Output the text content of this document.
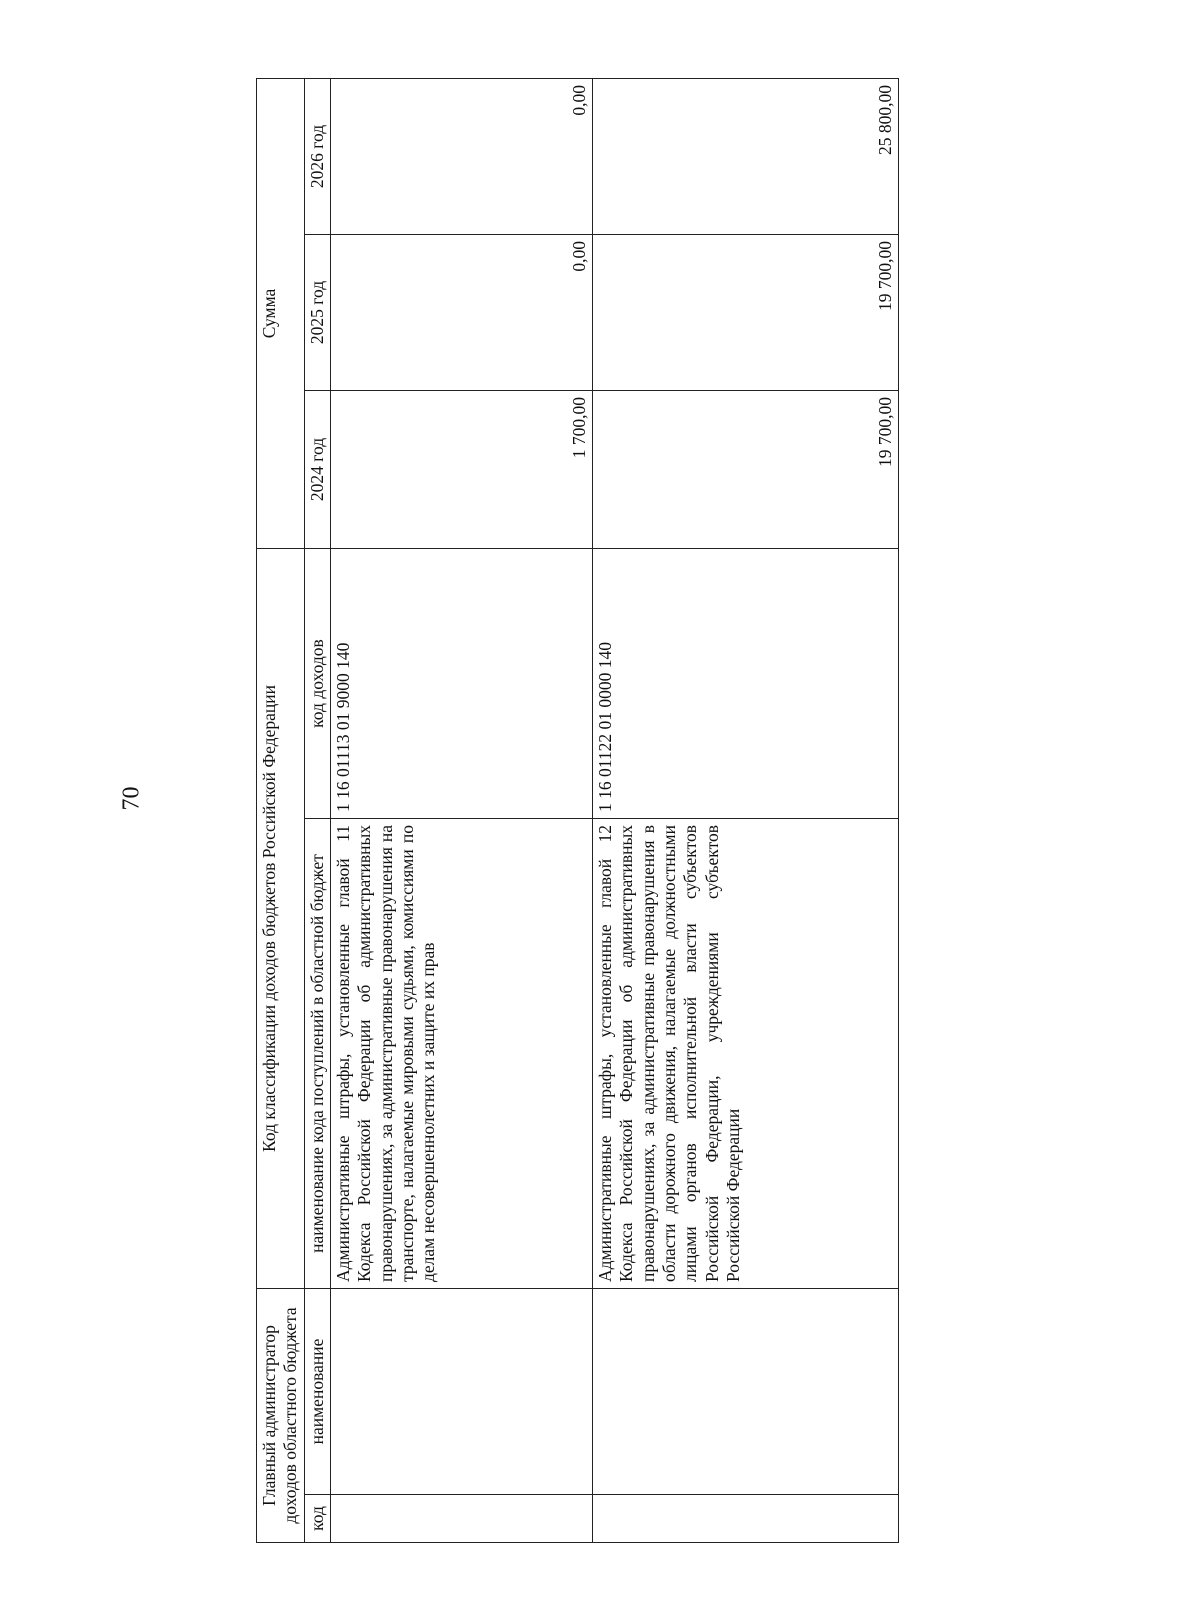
70
Главный администратор доходов областного бюджета		Код классификации доходов бюджетов Российской Федерации		Сумма		
код	наименование	наименование кода поступлений в областной бюджет	код доходов	2024 год	2025 год	2026 год
		Административные штрафы, установленные главой 11 Кодекса Российской Федерации об административных правонарушениях, за административные правонарушения на транспорте, налагаемые мировыми судьями, комиссиями по делам несовершеннолетних и защите их прав	1 16 01113 01 9000 140	1 700,00	0,00	0,00
		Административные штрафы, установленные главой 12 Кодекса Российской Федерации об административных правонарушениях, за административные правонарушения в области дорожного движения, налагаемые должностными лицами органов исполнительной власти субъектов Российской Федерации, учреждениями субъектов Российской Федерации	1 16 01122 01 0000 140	19 700,00	19 700,00	25 800,00
